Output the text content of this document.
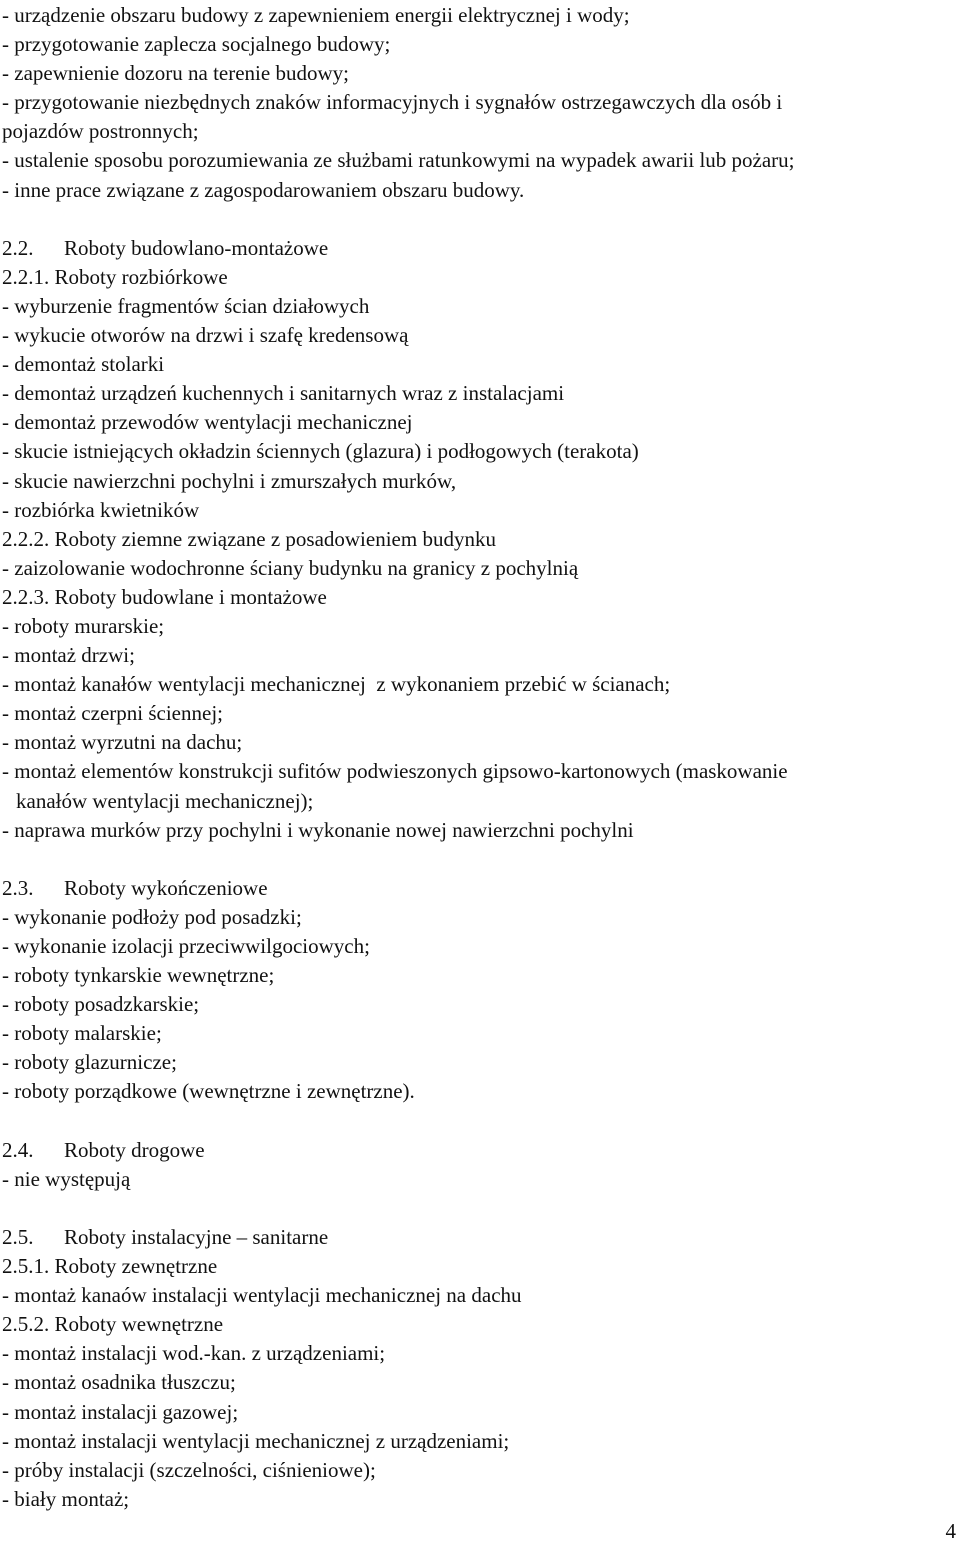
- urządzenie obszaru budowy z zapewnieniem energii elektrycznej i wody;
- przygotowanie zaplecza socjalnego budowy;
- zapewnienie dozoru na terenie budowy;
- przygotowanie niezbędnych znaków informacyjnych i sygnałów ostrzegawczych dla osób i
pojazdów postronnych;
- ustalenie sposobu porozumiewania ze służbami ratunkowymi na wypadek awarii lub pożaru;
- inne prace związane z zagospodarowaniem obszaru budowy.
2.2. Roboty budowlano-montażowe
2.2.1. Roboty rozbiórkowe
- wyburzenie fragmentów ścian działowych
- wykucie otworów na drzwi i szafę kredensową
- demontaż stolarki
- demontaż urządzeń kuchennych i sanitarnych wraz z instalacjami
- demontaż przewodów wentylacji mechanicznej
- skucie istniejących okładzin ściennych (glazura) i podłogowych (terakota)
- skucie nawierzchni pochylni i zmurszałych murków,
- rozbiórka kwietników
2.2.2. Roboty ziemne związane z posadowieniem budynku
- zaizolowanie wodochronne ściany budynku na granicy z pochylnią
2.2.3. Roboty budowlane i montażowe
- roboty murarskie;
- montaż drzwi;
- montaż kanałów wentylacji mechanicznej  z wykonaniem przebić w ścianach;
- montaż czerpni ściennej;
- montaż wyrzutni na dachu;
- montaż elementów konstrukcji sufitów podwieszonych gipsowo-kartonowych (maskowanie
kanałów wentylacji mechanicznej);
- naprawa murków przy pochylni i wykonanie nowej nawierzchni pochylni
2.3. Roboty wykończeniowe
- wykonanie podłoży pod posadzki;
- wykonanie izolacji przeciwwilgociowych;
- roboty tynkarskie wewnętrzne;
- roboty posadzkarskie;
- roboty malarskie;
- roboty glazurnicze;
- roboty porządkowe (wewnętrzne i zewnętrzne).
2.4. Roboty drogowe
- nie występują
2.5. Roboty instalacyjne – sanitarne
2.5.1. Roboty zewnętrzne
- montaż kanaów instalacji wentylacji mechanicznej na dachu
2.5.2. Roboty wewnętrzne
- montaż instalacji wod.-kan. z urządzeniami;
- montaż osadnika tłuszczu;
- montaż instalacji gazowej;
- montaż instalacji wentylacji mechanicznej z urządzeniami;
- próby instalacji (szczelności, ciśnieniowe);
- biały montaż;
4
